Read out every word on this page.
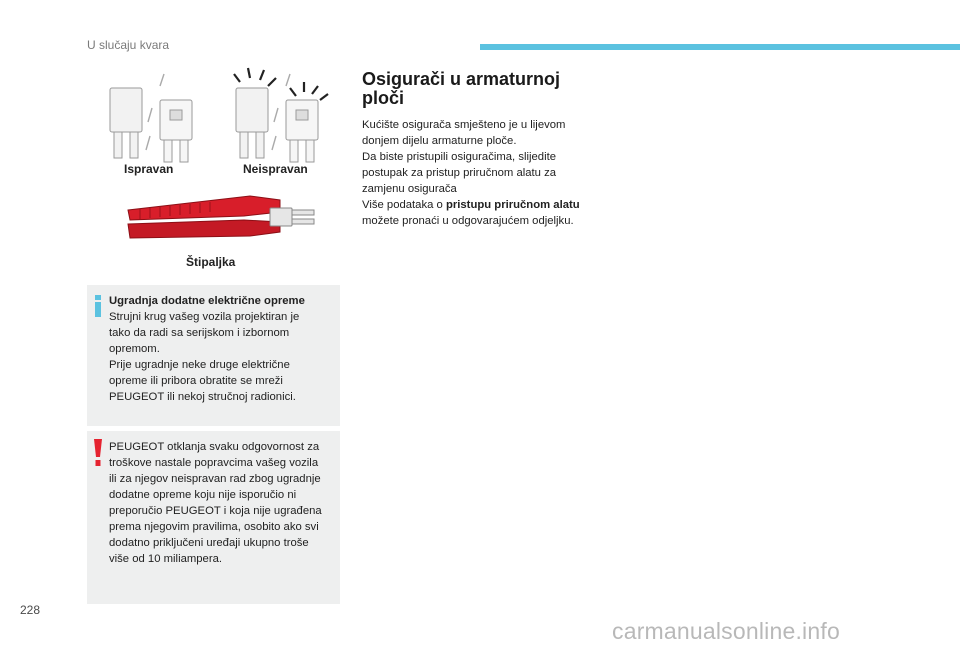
U slučaju kvara
Ispravan	Neispravan
Štipaljka

Ugradnja dodatne električne opreme

Strujni krug vašeg vozila projektiran je

tako da radi sa serijskom i izbornom

opremom.

Prije ugradnje neke druge električne

opreme ili pribora obratite se mreži

PEUGEOT ili nekoj stručnoj radionici.

PEUGEOT otklanja svaku odgovornost za

troškove nastale popravcima vašeg vozila

ili za njegov neispravan rad zbog ugradnje

dodatne opreme koju nije isporučio ni

preporučio PEUGEOT i koja nije ugrađena

prema njegovim pravilima, osobito ako svi

dodatno priključeni uređaji ukupno troše

više od 10 miliampera.

Osigurači u armaturnoj
ploči

Kućište osigurača smješteno je u lijevom

donjem dijelu armaturne ploče.

Da biste pristupili osiguračima, slijedite

postupak za pristup priručnom alatu za

zamjenu osigurača

Više podataka o pristupu priručnom alatu

možete pronaći u odgovarajućem odjeljku.

228
carmanualsonline.info
